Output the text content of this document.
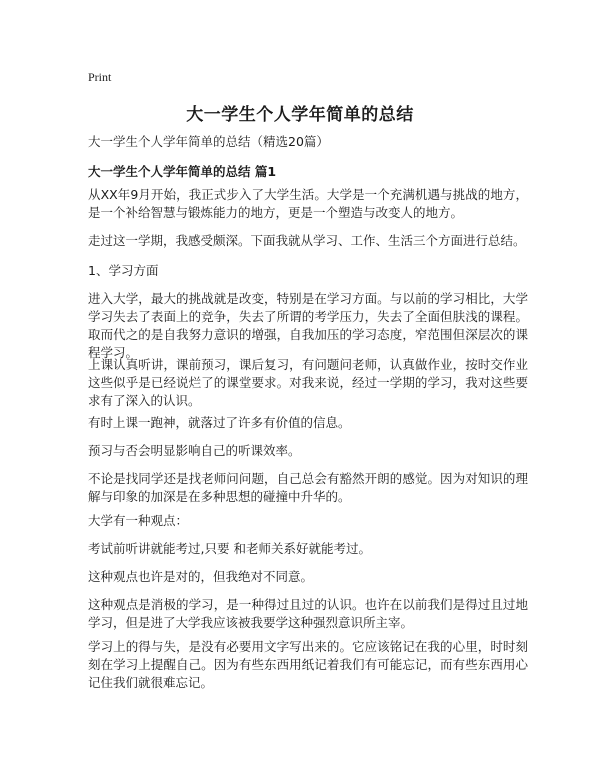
Print
大一学生个人学年简单的总结
大一学生个人学年简单的总结（精选20篇）
大一学生个人学年简单的总结 篇1

从XX年9月开始，我正式步入了大学生活。大学是一个充满机遇与挑战的地方，是一个补给智慧与锻炼能力的地方，更是一个塑造与改变人的地方。

走过这一学期，我感受颇深。下面我就从学习、工作、生活三个方面进行总结。

1、学习方面

进入大学，最大的挑战就是改变，特别是在学习方面。与以前的学习相比，大学学习失去了表面上的竞争，失去了所谓的考学压力，失去了全面但肤浅的课程。取而代之的是自我努力意识的增强，自我加压的学习态度，窄范围但深层次的课程学习。

上课认真听讲，课前预习，课后复习，有问题问老师，认真做作业，按时交作业这些似乎是已经说烂了的课堂要求。对我来说，经过一学期的学习，我对这些要求有了深入的认识。

有时上课一跑神，就落过了许多有价值的信息。

预习与否会明显影响自己的听课效率。

不论是找同学还是找老师问问题，自己总会有豁然开朗的感觉。因为对知识的理解与印象的加深是在多种思想的碰撞中升华的。

大学有一种观点：

考试前听讲就能考过,只要 和老师关系好就能考过。

这种观点也许是对的，但我绝对不同意。

这种观点是消极的学习，是一种得过且过的认识。也许在以前我们是得过且过地学习，但是进了大学我应该被我要学这种强烈意识所主宰。

学习上的得与失，是没有必要用文字写出来的。它应该铭记在我的心里，时时刻刻在学习上提醒自己。因为有些东西用纸记着我们有可能忘记，而有些东西用心记住我们就很难忘记。
